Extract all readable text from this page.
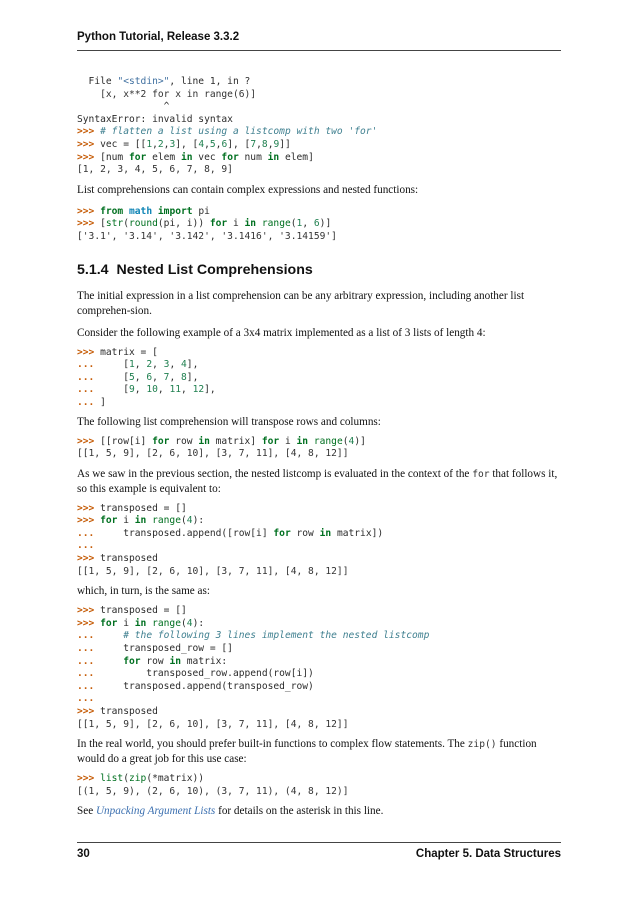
Python Tutorial, Release 3.3.2
File "<stdin>", line 1, in ?
[x, x**2 for x in range(6)]
^
SyntaxError: invalid syntax
>>> # flatten a list using a listcomp with two 'for'
>>> vec = [[1,2,3], [4,5,6], [7,8,9]]
>>> [num for elem in vec for num in elem]
[1, 2, 3, 4, 5, 6, 7, 8, 9]

List comprehensions can contain complex expressions and nested functions:

>>> from math import pi
>>> [str(round(pi, i)) for i in range(1, 6)]
['3.1', '3.14', '3.142', '3.1416', '3.14159']
5.1.4 Nested List Comprehensions

The initial expression in a list comprehension can be any arbitrary expression, including another list comprehen-sion.

Consider the following example of a 3x4 matrix implemented as a list of 3 lists of length 4:

>>> matrix = [
...     [1, 2, 3, 4],
...     [5, 6, 7, 8],
...     [9, 10, 11, 12],
... ]

The following list comprehension will transpose rows and columns:

>>> [[row[i] for row in matrix] for i in range(4)]
[[1, 5, 9], [2, 6, 10], [3, 7, 11], [4, 8, 12]]

As we saw in the previous section, the nested listcomp is evaluated in the context of the for that follows it, so this example is equivalent to:

>>> transposed = []
>>> for i in range(4):
...     transposed.append([row[i] for row in matrix])
...
>>> transposed
[[1, 5, 9], [2, 6, 10], [3, 7, 11], [4, 8, 12]]

which, in turn, is the same as:

>>> transposed = []
>>> for i in range(4):
...	# the following 3 lines implement the nested listcomp
...     transposed_row = []
...	for row in matrix:
...         transposed_row.append(row[i])
...     transposed.append(transposed_row)
...
>>> transposed
[[1, 5, 9], [2, 6, 10], [3, 7, 11], [4, 8, 12]]

In the real world, you should prefer built-in functions to complex flow statements. The zip() function would do a great job for this use case:

>>> list(zip(*matrix))
[(1, 5, 9), (2, 6, 10), (3, 7, 11), (4, 8, 12)]

See Unpacking Argument Lists for details on the asterisk in this line.

30	Chapter 5. Data Structures
